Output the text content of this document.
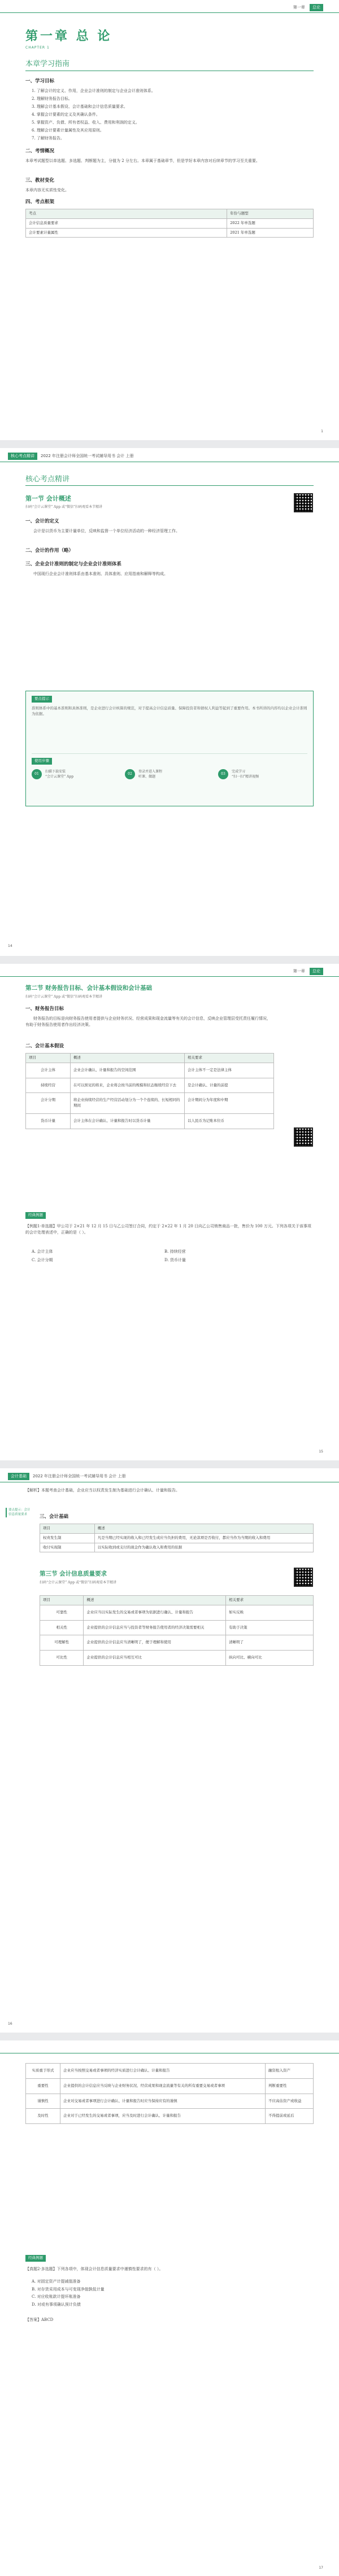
第一章 总论
第一章 总 论
CHAPTER 1
本章学习指南
一、学习目标
1. 了解会计的定义、作用，企业会计准则的制定与企业会计准则体系。
2. 理解财务报告目标。
3. 理解会计基本假设、会计基础和会计信息质量要求。
4. 掌握会计要素的定义及其确认条件。
5. 掌握资产、负债、所有者权益、收入、费用和利润的定义。
6. 理解会计要素计量属性及其应用原则。
7. 了解财务报告。
二、考情概况
本章考试题型以单选题、多选题、判断题为主，分值为 2 分左右。本章属于基础章节，但是学好本章内容对后续章节的学习至关重要。
三、教材变化
本章内容无实质性变化。
四、考点框架
考点	年份与题型
会计信息质量要求	2022 年单选题
会计要素计量属性	2021 年单选题
1
核心考点精讲 2022 年注册会计师全国统一考试辅导用书 会计 上册
核心考点精讲
第一节 会计概述
扫码“会计云课堂” App 或“微信”扫码观看本节精讲
一、会计的定义
会计是以货币为主要计量单位，反映和监督一个单位经济活动的一种经济管理工作。
二、会计的作用（略）
三、企业会计准则的制定与企业会计准则体系
中国现行企业会计准则体系由基本准则、具体准则、应用指南和解释等构成。
要点提示
准则体系中的基本准则和具体准则，是企业进行会计核算的规范，对于提高会计信息质量、保障投资者和债权人利益等起到了重要作用。本书所讲的内容均以企业会计准则为依据。
使用步骤
01
扫描下载安装
“会计云课堂” App
02
登录并进入课程
听课、做题
03
完成学习
“扫一扫”精讲视频
14
第一章 总论
第二节 财务报告目标、会计基本假设和会计基础
扫码“会计云课堂” App 或“微信”扫码观看本节精讲
一、财务报告目标
财务报告的目标是向财务报告使用者提供与企业财务状况、经营成果和现金流量等有关的会计信息，反映企业管理层受托责任履行情况，有助于财务报告使用者作出经济决策。
二、会计基本假设
项目	概述	相关要求
会计主体	企业会计确认、计量和报告的空间范围	会计主体不一定是法律主体
持续经营	在可以预见的将来，企业将会按当前的规模和状态继续经营下去	是会计确认、计量的前提
会计分期	将企业持续经营的生产经营活动划分为一个个连续的、长短相同的期间	会计期间分为年度和中期
货币计量	会计主体在会计确认、计量和报告时以货币计量	以人民币为记账本位币
经典例题
【例题1·单选题】甲公司于 2×21 年 12 月 15 日与乙公司签订合同，约定于 2×22 年 1 月 20 日向乙公司销售商品一批，售价为 100 万元。下列各项关于该事项的会计处理表述中，正确的是（ ）。
A. 会计主体	B. 持续经营
C. 会计分期	D. 货币计量
15
会计基础 2022 年注册会计师全国统一考试辅导用书 会计 上册
【解析】本题考查会计基础，企业应当以权责发生制为基础进行会计确认、计量和报告。
要点提示：会计信息质量要求	三、会计基础
项目	概述
权责发生制	凡是当期已经实现的收入和已经发生或应当负担的费用，无论款项是否收付，都应当作为当期的收入和费用
收付实现制	以实际收到或支付的现金作为确认收入和费用的依据
第三节 会计信息质量要求
扫码“会计云课堂” App 或“微信”扫码观看本节精讲
项目	概述	相关要求
可靠性	企业应当以实际发生的交易或者事项为依据进行确认、计量和报告	如实反映
相关性	企业提供的会计信息应当与投资者等财务报告使用者的经济决策需要相关	有助于决策
可理解性	企业提供的会计信息应当清晰明了，便于理解和使用	清晰明了
可比性	企业提供的会计信息应当相互可比	纵向可比、横向可比
16
实质重于形式	企业应当按照交易或者事项的经济实质进行会计确认、计量和报告	融资租入资产
重要性	企业提供的会计信息应当反映与企业财务状况、经营成果和现金流量等有关的所有重要交易或者事项	判断重要性
谨慎性	企业对交易或者事项进行会计确认、计量和报告时应当保持应有的谨慎	不应高估资产或收益
及时性	企业对于已经发生的交易或者事项，应当及时进行会计确认、计量和报告	不得提前或延后
经典例题
【真题2·多选题】下列各项中，体现会计信息质量要求中谨慎性要求的有（ ）。
A. 对固定资产计提减值准备
B. 对存货采用成本与可变现净值孰低计量
C. 对应收账款计提坏账准备
D. 对或有事项确认预计负债
【答案】ABCD
17
